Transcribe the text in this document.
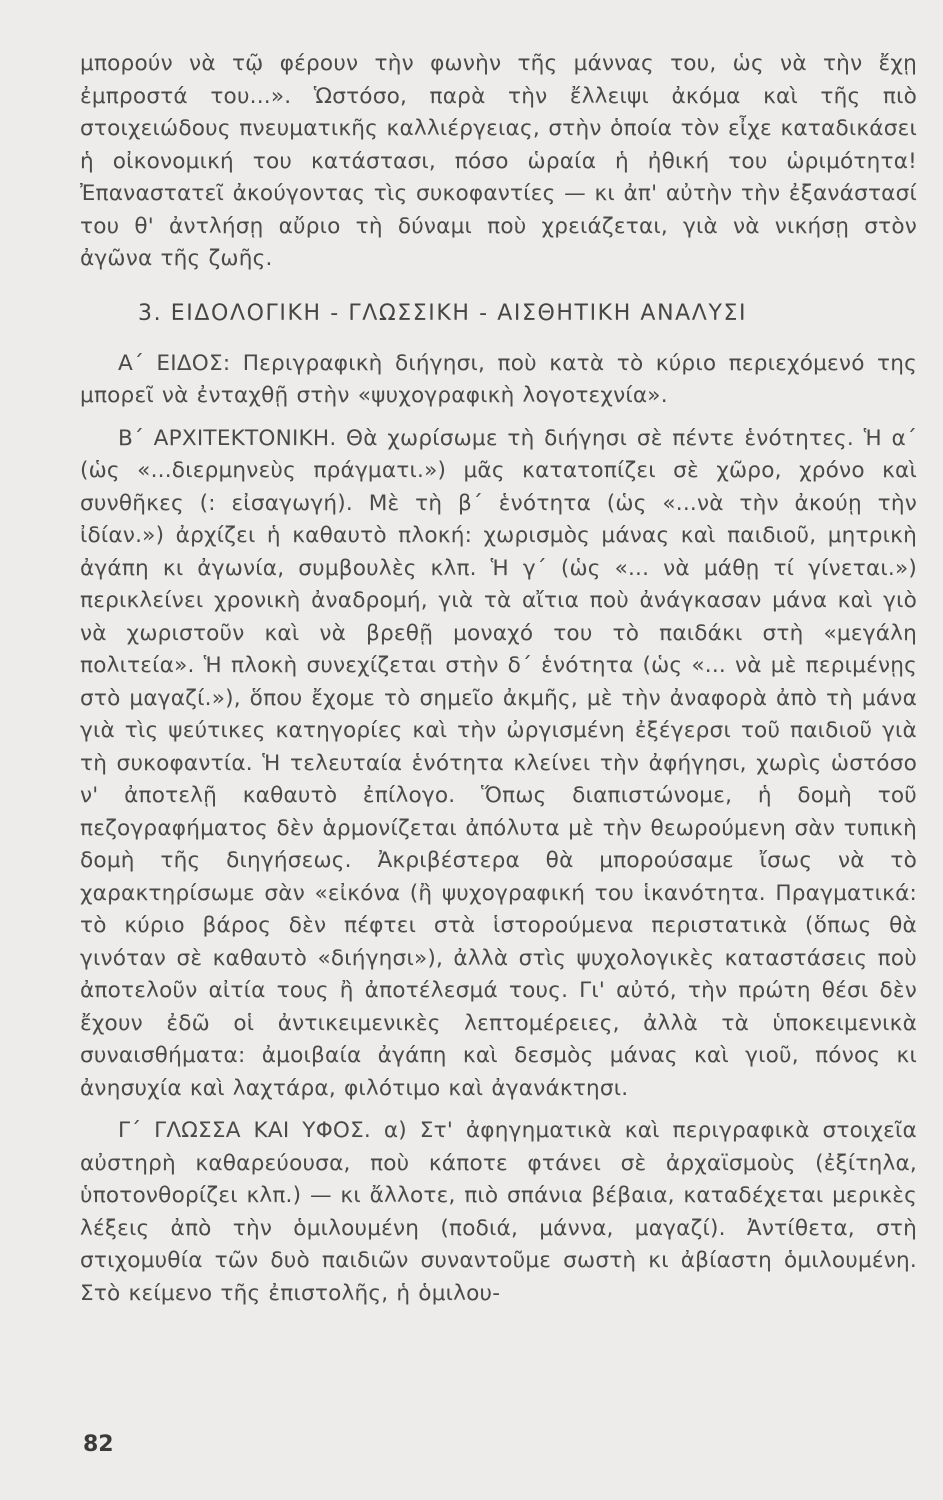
μπορούν νὰ τῷ φέρουν τὴν φωνὴν τῆς μάννας του, ὡς νὰ τὴν ἔχῃ ἐμπροστά του...». Ὡστόσο, παρὰ τὴν ἔλλειψι ἀκόμα καὶ τῆς πιὸ στοιχειώδους πνευματικῆς καλλιέργειας, στὴν ὁποία τὸν εἶχε καταδικάσει ἡ οἰκονομική του κατάστασι, πόσο ὡραία ἡ ἠθική του ὡριμότητα! Ἐπαναστατεῖ ἀκούγοντας τὶς συκοφαντίες — κι ἀπ' αὐτὴν τὴν ἐξανάστασί του θ' ἀντλήσῃ αὔριο τὴ δύναμι ποὺ χρειάζεται, γιὰ νὰ νικήσῃ στὸν ἀγῶνα τῆς ζωῆς.

3. ΕΙΔΟΛΟΓΙΚΗ - ΓΛΩΣΣΙΚΗ - ΑΙΣΘΗΤΙΚΗ ΑΝΑΛΥΣΙ

Α΄ ΕΙΔΟΣ: Περιγραφικὴ διήγησι, ποὺ κατὰ τὸ κύριο περιεχόμενό της μπορεῖ νὰ ἐνταχθῇ στὴν «ψυχογραφικὴ λογοτεχνία».

Β΄ ΑΡΧΙΤΕΚΤΟΝΙΚΗ. Θὰ χωρίσωμε τὴ διήγησι σὲ πέντε ἑνότητες. Ἡ α΄ (ὡς «...διερμηνεὺς πράγματι.») μᾶς κατατοπίζει σὲ χῶρο, χρόνο καὶ συνθῆκες (: εἰσαγωγή). Μὲ τὴ β΄ ἑνότητα (ὡς «...νὰ τὴν ἀκούῃ τὴν ἰδίαν.») ἀρχίζει ἡ καθαυτὸ πλοκή: χωρισμὸς μάνας καὶ παιδιοῦ, μητρικὴ ἀγάπη κι ἀγωνία, συμβουλὲς κλπ. Ἡ γ΄ (ὡς «... νὰ μάθῃ τί γίνεται.») περικλείνει χρονικὴ ἀναδρομή, γιὰ τὰ αἴτια ποὺ ἀνάγκασαν μάνα καὶ γιὸ νὰ χωριστοῦν καὶ νὰ βρεθῇ μοναχό του τὸ παιδάκι στὴ «μεγάλη πολιτεία». Ἡ πλοκὴ συνεχίζεται στὴν δ΄ ἑνότητα (ὡς «... νὰ μὲ περιμένῃς στὸ μαγαζί.»), ὅπου ἔχομε τὸ σημεῖο ἀκμῆς, μὲ τὴν ἀναφορὰ ἀπὸ τὴ μάνα γιὰ τὶς ψεύτικες κατηγορίες καὶ τὴν ὠργισμένη ἐξέγερσι τοῦ παιδιοῦ γιὰ τὴ συκοφαντία. Ἡ τελευταία ἑνότητα κλείνει τὴν ἀφήγησι, χωρὶς ὡστόσο ν' ἀποτελῇ καθαυτὸ ἐπίλογο. Ὅπως διαπιστώνομε, ἡ δομὴ τοῦ πεζογραφήματος δὲν ἁρμονίζεται ἀπόλυτα μὲ τὴν θεωρούμενη σὰν τυπικὴ δομὴ τῆς διηγήσεως. Ἀκριβέστερα θὰ μπορούσαμε ἴσως νὰ τὸ χαρακτηρίσωμε σὰν «εἰκόνα (ἢ ψυχογραφική του ἱκανότητα. Πραγματικά: τὸ κύριο βάρος δὲν πέφτει στὰ ἱστορούμενα περιστατικὰ (ὅπως θὰ γινόταν σὲ καθαυτὸ «διήγησι»), ἀλλὰ στὶς ψυχολογικὲς καταστάσεις ποὺ ἀποτελοῦν αἰτία τους ἢ ἀποτέλεσμά τους. Γι' αὐτό, τὴν πρώτη θέσι δὲν ἔχουν ἐδῶ οἱ ἀντικειμενικὲς λεπτομέρειες, ἀλλὰ τὰ ὑποκειμενικὰ συναισθήματα: ἀμοιβαία ἀγάπη καὶ δεσμὸς μάνας καὶ γιοῦ, πόνος κι ἀνησυχία καὶ λαχτάρα, φιλότιμο καὶ ἀγανάκτησι.

Γ΄ ΓΛΩΣΣΑ ΚΑΙ ΥΦΟΣ. α) Στ' ἀφηγηματικὰ καὶ περιγραφικὰ στοιχεῖα αὐστηρὴ καθαρεύουσα, ποὺ κάποτε φτάνει σὲ ἀρχαϊσμοὺς (ἐξίτηλα, ὑποτονθορίζει κλπ.) — κι ἄλλοτε, πιὸ σπάνια βέβαια, καταδέχεται μερικὲς λέξεις ἀπὸ τὴν ὁμιλουμένη (ποδιά, μάννα, μαγαζί). Ἀντίθετα, στὴ στιχομυθία τῶν δυὸ παιδιῶν συναντοῦμε σωστὴ κι ἀβίαστη ὁμιλουμένη. Στὸ κείμενο τῆς ἐπιστολῆς, ἡ ὁμιλου-

82
